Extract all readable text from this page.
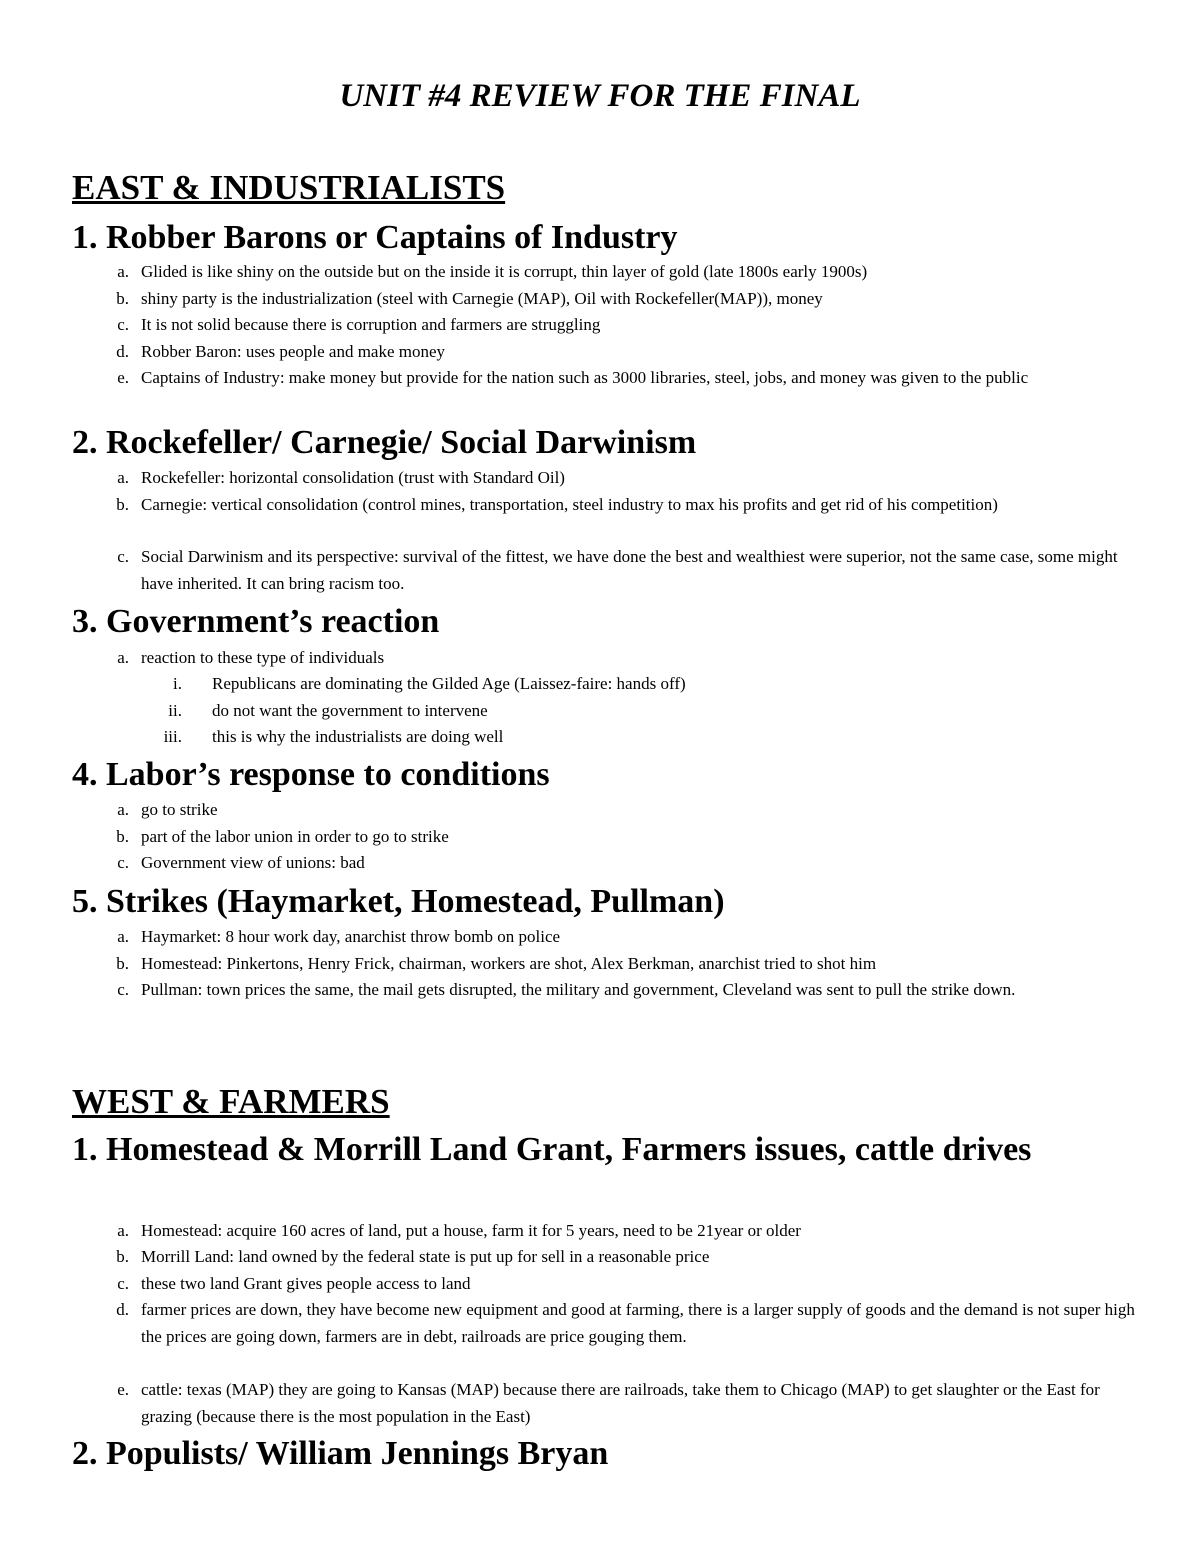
UNIT #4 REVIEW FOR THE FINAL
EAST & INDUSTRIALISTS
1. Robber Barons or Captains of Industry
a. Glided is like shiny on the outside but on the inside it is corrupt, thin layer of gold (late 1800s early 1900s)
b. shiny party is the industrialization (steel with Carnegie (MAP), Oil with Rockefeller(MAP)), money
c. It is not solid because there is corruption and farmers are struggling
d. Robber Baron: uses people and make money
e. Captains of Industry: make money but provide for the nation such as 3000 libraries, steel, jobs, and money was given to the public
2. Rockefeller/ Carnegie/ Social Darwinism
a. Rockefeller: horizontal consolidation (trust with Standard Oil)
b. Carnegie: vertical consolidation (control mines, transportation, steel industry to max his profits and get rid of his competition)
c. Social Darwinism and its perspective: survival of the fittest, we have done the best and wealthiest were superior, not the same case, some might have inherited. It can bring racism too.
3. Government’s reaction
a. reaction to these type of individuals
i. Republicans are dominating the Gilded Age (Laissez-faire: hands off)
ii. do not want the government to intervene
iii. this is why the industrialists are doing well
4. Labor’s response to conditions
a. go to strike
b. part of the labor union in order to go to strike
c. Government view of unions: bad
5. Strikes (Haymarket, Homestead, Pullman)
a. Haymarket: 8 hour work day, anarchist throw bomb on police
b. Homestead: Pinkertons, Henry Frick, chairman, workers are shot, Alex Berkman, anarchist tried to shot him
c. Pullman: town prices the same, the mail gets disrupted, the military and government, Cleveland was sent to pull the strike down.
WEST & FARMERS
1. Homestead & Morrill Land Grant, Farmers issues, cattle drives
a. Homestead: acquire 160 acres of land, put a house, farm it for 5 years, need to be 21year or older
b. Morrill Land: land owned by the federal state is put up for sell in a reasonable price
c. these two land Grant gives people access to land
d. farmer prices are down, they have become new equipment and good at farming, there is a larger supply of goods and the demand is not super high the prices are going down, farmers are in debt, railroads are price gouging them.
e. cattle: texas (MAP) they are going to Kansas (MAP) because there are railroads, take them to Chicago (MAP) to get slaughter or the East for grazing (because there is the most population in the East)
2. Populists/ William Jennings Bryan
